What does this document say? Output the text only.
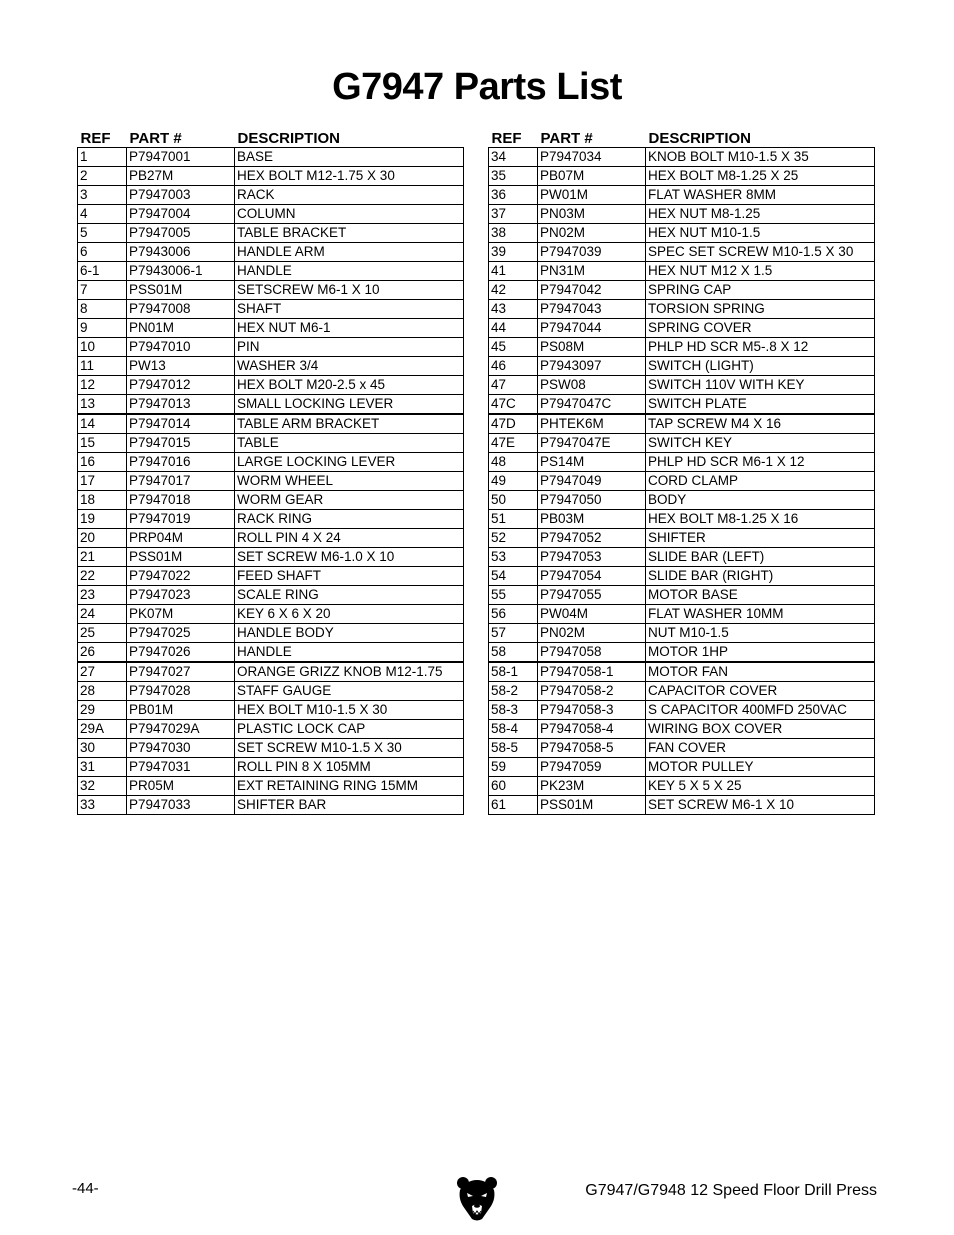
G7947 Parts List
REF	PART #	DESCRIPTION
1	P7947001	BASE
2	PB27M	HEX BOLT M12-1.75 X 30
3	P7947003	RACK
4	P7947004	COLUMN
5	P7947005	TABLE BRACKET
6	P7943006	HANDLE ARM
6-1	P7943006-1	HANDLE
7	PSS01M	SETSCREW M6-1 X 10
8	P7947008	SHAFT
9	PN01M	HEX NUT M6-1
10	P7947010	PIN
11	PW13	WASHER 3/4
12	P7947012	HEX BOLT M20-2.5 x 45
13	P7947013	SMALL LOCKING LEVER
14	P7947014	TABLE ARM BRACKET
15	P7947015	TABLE
16	P7947016	LARGE LOCKING LEVER
17	P7947017	WORM WHEEL
18	P7947018	WORM GEAR
19	P7947019	RACK RING
20	PRP04M	ROLL PIN 4 X 24
21	PSS01M	SET SCREW M6-1.0 X 10
22	P7947022	FEED SHAFT
23	P7947023	SCALE RING
24	PK07M	KEY 6 X 6 X 20
25	P7947025	HANDLE BODY
26	P7947026	HANDLE
27	P7947027	ORANGE GRIZZ KNOB M12-1.75
28	P7947028	STAFF GAUGE
29	PB01M	HEX BOLT M10-1.5 X 30
29A	P7947029A	PLASTIC LOCK CAP
30	P7947030	SET SCREW M10-1.5 X 30
31	P7947031	ROLL PIN 8 X 105MM
32	PR05M	EXT RETAINING RING 15MM
33	P7947033	SHIFTER BAR
REF	PART #	DESCRIPTION
34	P7947034	KNOB BOLT M10-1.5 X 35
35	PB07M	HEX BOLT M8-1.25 X 25
36	PW01M	FLAT WASHER 8MM
37	PN03M	HEX NUT M8-1.25
38	PN02M	HEX NUT M10-1.5
39	P7947039	SPEC SET SCREW M10-1.5 X 30
41	PN31M	HEX NUT M12 X 1.5
42	P7947042	SPRING CAP
43	P7947043	TORSION SPRING
44	P7947044	SPRING COVER
45	PS08M	PHLP HD SCR M5-.8 X 12
46	P7943097	SWITCH (LIGHT)
47	PSW08	SWITCH 110V WITH KEY
47C	P7947047C	SWITCH PLATE
47D	PHTEK6M	TAP SCREW M4 X 16
47E	P7947047E	SWITCH KEY
48	PS14M	PHLP HD SCR M6-1 X 12
49	P7947049	CORD CLAMP
50	P7947050	BODY
51	PB03M	HEX BOLT M8-1.25 X 16
52	P7947052	SHIFTER
53	P7947053	SLIDE BAR (LEFT)
54	P7947054	SLIDE BAR (RIGHT)
55	P7947055	MOTOR BASE
56	PW04M	FLAT WASHER 10MM
57	PN02M	NUT M10-1.5
58	P7947058	MOTOR 1HP
58-1	P7947058-1	MOTOR FAN
58-2	P7947058-2	CAPACITOR COVER
58-3	P7947058-3	S CAPACITOR 400MFD 250VAC
58-4	P7947058-4	WIRING BOX COVER
58-5	P7947058-5	FAN COVER
59	P7947059	MOTOR PULLEY
60	PK23M	KEY 5 X 5 X 25
61	PSS01M	SET SCREW M6-1 X 10
-44-	G7947/G7948 12 Speed Floor Drill Press
